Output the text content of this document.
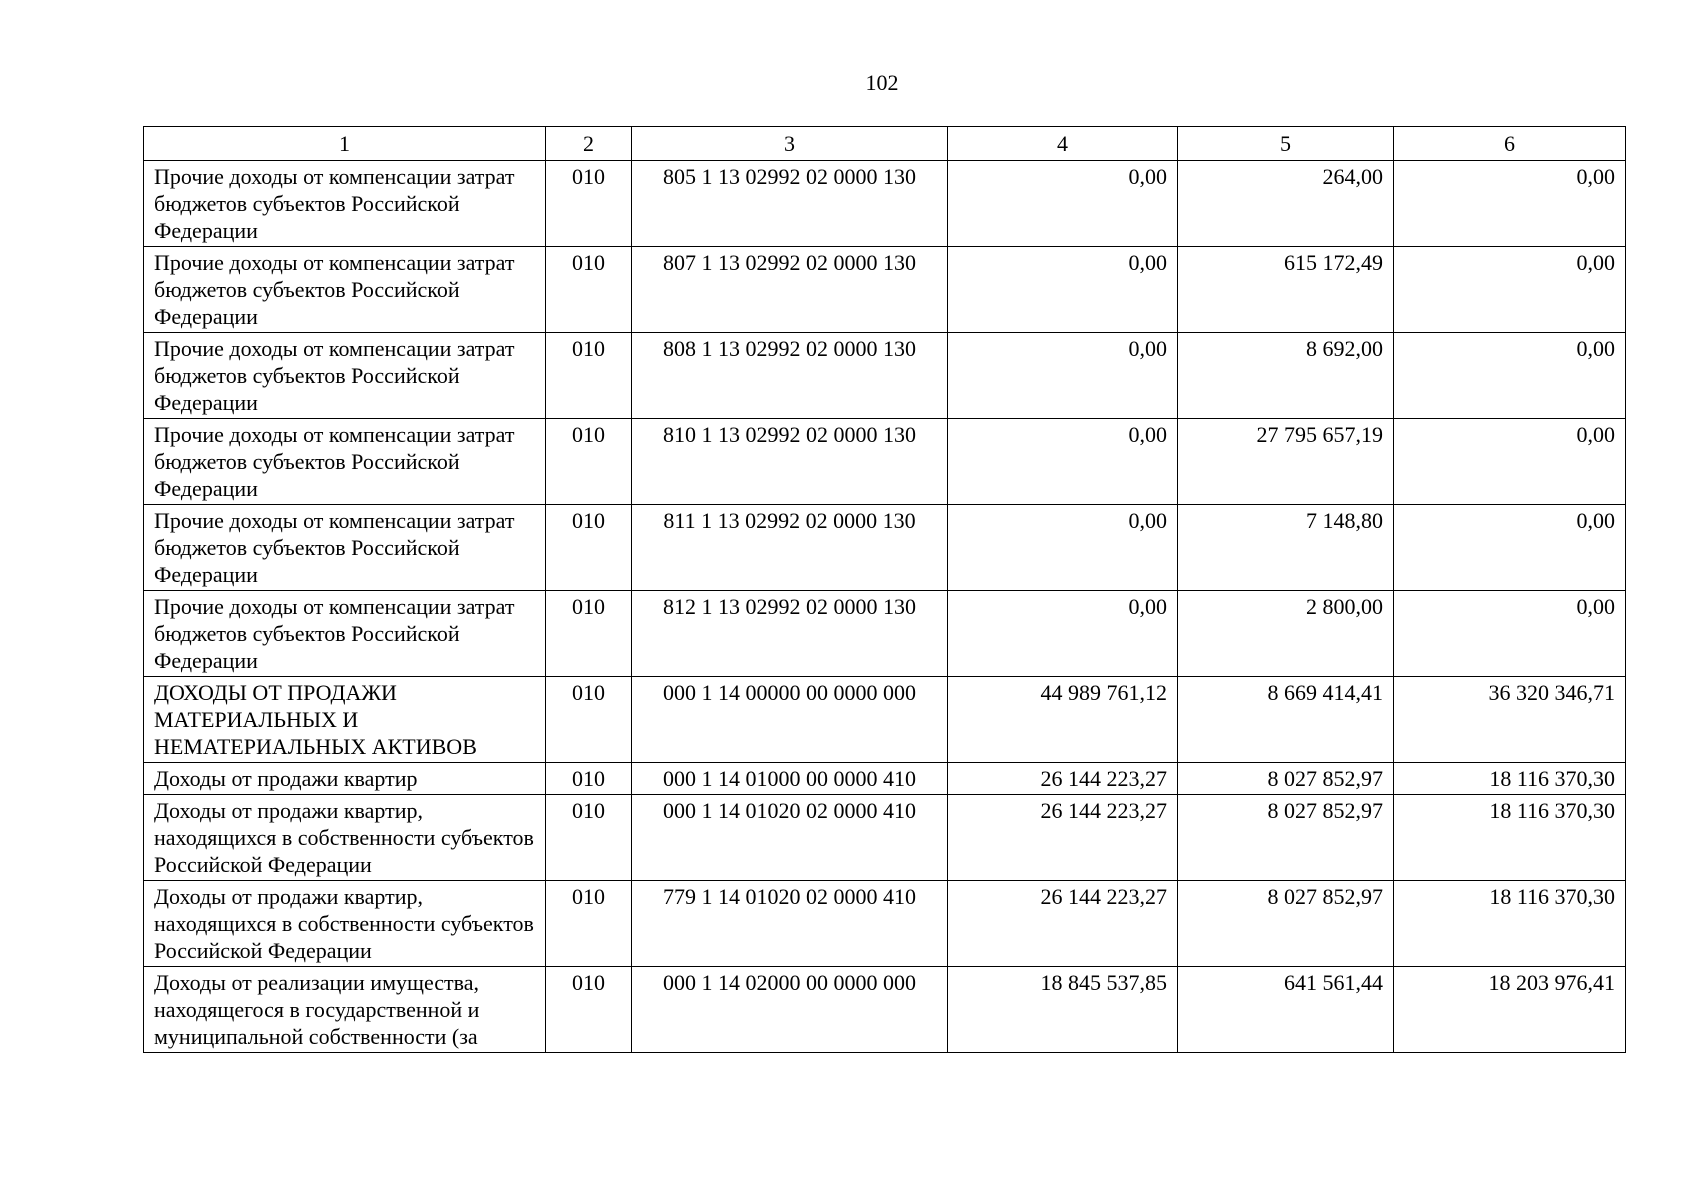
102
1	2	3	4	5	6
Прочие доходы от компенсации затрат бюджетов субъектов Российской Федерации	010	805 1 13 02992 02 0000 130	0,00	264,00	0,00
Прочие доходы от компенсации затрат бюджетов субъектов Российской Федерации	010	807 1 13 02992 02 0000 130	0,00	615 172,49	0,00
Прочие доходы от компенсации затрат бюджетов субъектов Российской Федерации	010	808 1 13 02992 02 0000 130	0,00	8 692,00	0,00
Прочие доходы от компенсации затрат бюджетов субъектов Российской Федерации	010	810 1 13 02992 02 0000 130	0,00	27 795 657,19	0,00
Прочие доходы от компенсации затрат бюджетов субъектов Российской Федерации	010	811 1 13 02992 02 0000 130	0,00	7 148,80	0,00
Прочие доходы от компенсации затрат бюджетов субъектов Российской Федерации	010	812 1 13 02992 02 0000 130	0,00	2 800,00	0,00
ДОХОДЫ ОТ ПРОДАЖИ МАТЕРИАЛЬНЫХ И НЕМАТЕРИАЛЬНЫХ АКТИВОВ	010	000 1 14 00000 00 0000 000	44 989 761,12	8 669 414,41	36 320 346,71
Доходы от продажи квартир	010	000 1 14 01000 00 0000 410	26 144 223,27	8 027 852,97	18 116 370,30
Доходы от продажи квартир, находящихся в собственности субъектов Российской Федерации	010	000 1 14 01020 02 0000 410	26 144 223,27	8 027 852,97	18 116 370,30
Доходы от продажи квартир, находящихся в собственности субъектов Российской Федерации	010	779 1 14 01020 02 0000 410	26 144 223,27	8 027 852,97	18 116 370,30
Доходы от реализации имущества, находящегося в государственной и муниципальной собственности (за	010	000 1 14 02000 00 0000 000	18 845 537,85	641 561,44	18 203 976,41
